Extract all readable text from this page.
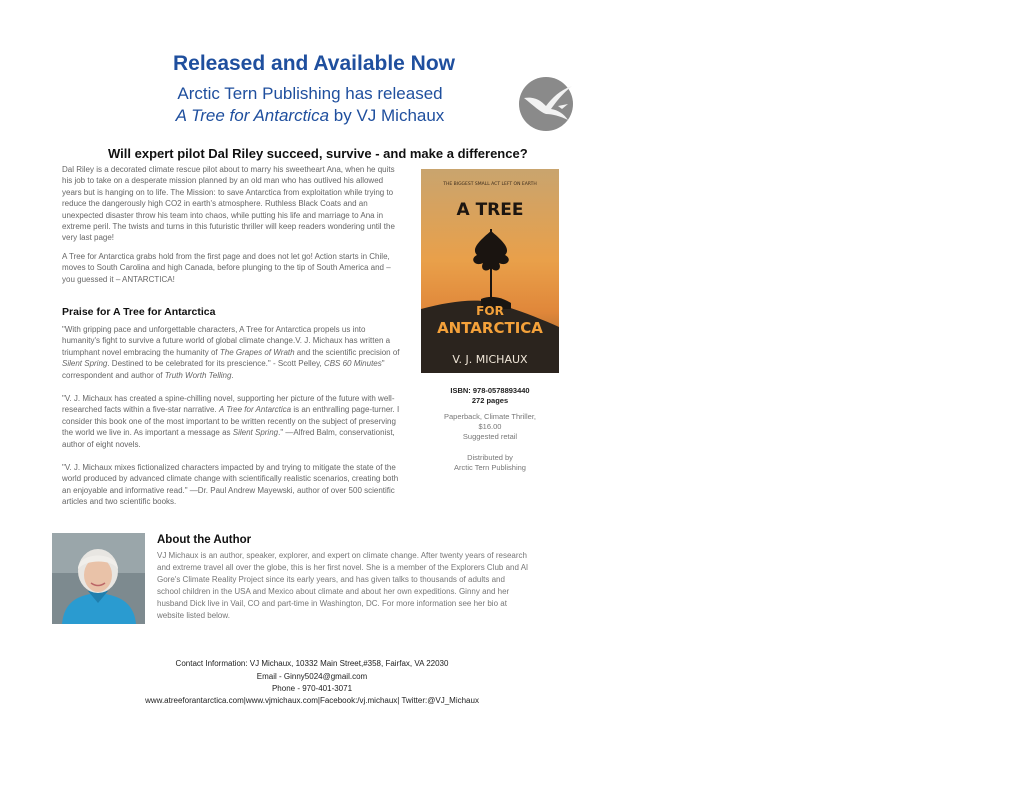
Released and Available Now
Arctic Tern Publishing has released
A Tree for Antarctica by VJ Michaux
Will expert pilot Dal Riley succeed, survive - and make a difference?
Dal Riley is a decorated climate rescue pilot about to marry his sweetheart Ana, when he quits his job to take on a desperate mission planned by an old man who has outlived his allowed years but is hanging on to life. The Mission: to save Antarctica from exploitation while trying to reduce the dangerously high CO2 in earth's atmosphere. Ruthless Black Coats and an unexpected disaster throw his team into chaos, while putting his life and marriage to Ana in extreme peril. The twists and turns in this futuristic thriller will keep readers wondering until the very last page!
A Tree for Antarctica grabs hold from the first page and does not let go! Action starts in Chile, moves to South Carolina and high Canada, before plunging to the tip of South America and – you guessed it – ANTARCTICA!
Praise for A Tree for Antarctica
"With gripping pace and unforgettable characters, A Tree for Antarctica propels us into humanity's fight to survive a future world of global climate change.V. J. Michaux has written a triumphant novel embracing the humanity of The Grapes of Wrath and the scientific precision of Silent Spring. Destined to be celebrated for its prescience." - Scott Pelley, CBS 60 Minutes" correspondent and author of Truth Worth Telling.
"V. J. Michaux has created a spine-chilling novel, supporting her picture of the future with well-researched facts within a five-star narrative. A Tree for Antarctica is an enthralling page-turner. I consider this book one of the most important to be written recently on the subject of preserving the world we live in. As important a message as Silent Spring." —Alfred Balm, conservationist, author of eight novels.
"V. J. Michaux mixes fictionalized characters impacted by and trying to mitigate the state of the world produced by advanced climate change with scientifically realistic scenarios, creating both an enjoyable and informative read." —Dr. Paul Andrew Mayewski, author of over 500 scientific articles and two scientific books.
THE BIGGEST SMALL ACT LEFT ON EARTH
A TREE
FOR
ANTARCTICA
V. J. MICHAUX
ISBN: 978-0578893440
272 pages
Paperback, Climate Thriller,
$16.00
Suggested retail
Distributed by
Arctic Tern Publishing
About the Author
VJ Michaux is an author, speaker, explorer, and expert on climate change. After twenty years of research and extreme travel all over the globe, this is her first novel. She is a member of the Explorers Club and Al Gore's Climate Reality Project since its early years, and has given talks to thousands of adults and school children in the USA and Mexico about climate and about her own expeditions. Ginny and her husband Dick live in Vail, CO and part-time in Washington, DC. For more information see her bio at website listed below.
Contact Information: VJ Michaux, 10332 Main Street,#358, Fairfax, VA 22030
Email - Ginny5024@gmail.com
Phone - 970-401-3071
www.atreeforantarctica.com|www.vjmichaux.com|Facebook:/vj.michaux| Twitter:@VJ_Michaux
